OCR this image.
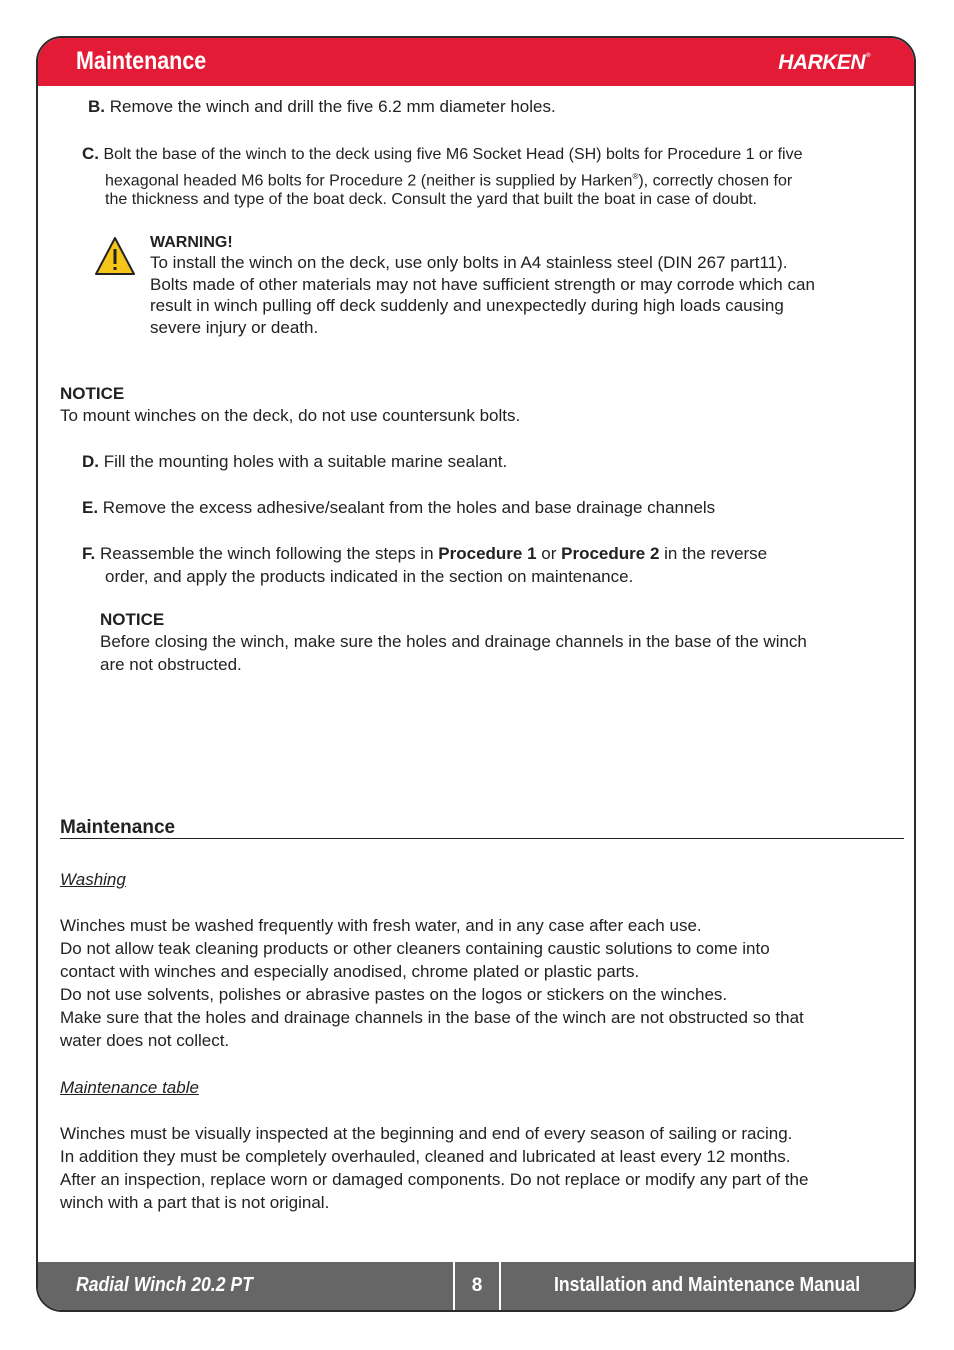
Maintenance	HARKEN®
Radial Winch 20.2 PT	8	Installation and Maintenance Manual
B. Remove the winch and drill the five 6.2 mm diameter holes.
C. Bolt the base of the winch to the deck using five M6 Socket Head (SH) bolts for Procedure 1 or five
hexagonal headed M6 bolts for Procedure 2 (neither is supplied by Harken®), correctly chosen for
the thickness and type of the boat deck. Consult the yard that built the boat in case of doubt.
WARNING!
To install the winch on the deck, use only bolts in A4 stainless steel (DIN 267 part11).
Bolts made of other materials may not have sufficient strength or may corrode which can
result in winch pulling off deck suddenly and unexpectedly during high loads causing
severe injury or death.
NOTICE
To mount winches on the deck, do not use countersunk bolts.
D. Fill the mounting holes with a suitable marine sealant.
E. Remove the excess adhesive/sealant from the holes and base drainage channels
F. Reassemble the winch following the steps in Procedure 1 or Procedure 2 in the reverse
order, and apply the products indicated in the section on maintenance.
NOTICE
Before closing the winch, make sure the holes and drainage channels in the base of the winch
are not obstructed.
Maintenance
Washing
Winches must be washed frequently with fresh water, and in any case after each use.
Do not allow teak cleaning products or other cleaners containing caustic solutions to come into
contact with winches and especially anodised, chrome plated or plastic parts.
Do not use solvents, polishes or abrasive pastes on the logos or stickers on the winches.
Make sure that the holes and drainage channels in the base of the winch are not obstructed so that
water does not collect.
Maintenance table
Winches must be visually inspected at the beginning and end of every season of sailing or racing.
In addition they must be completely overhauled, cleaned and lubricated at least every 12 months.
After an inspection, replace worn or damaged components. Do not replace or modify any part of the
winch with a part that is not original.
